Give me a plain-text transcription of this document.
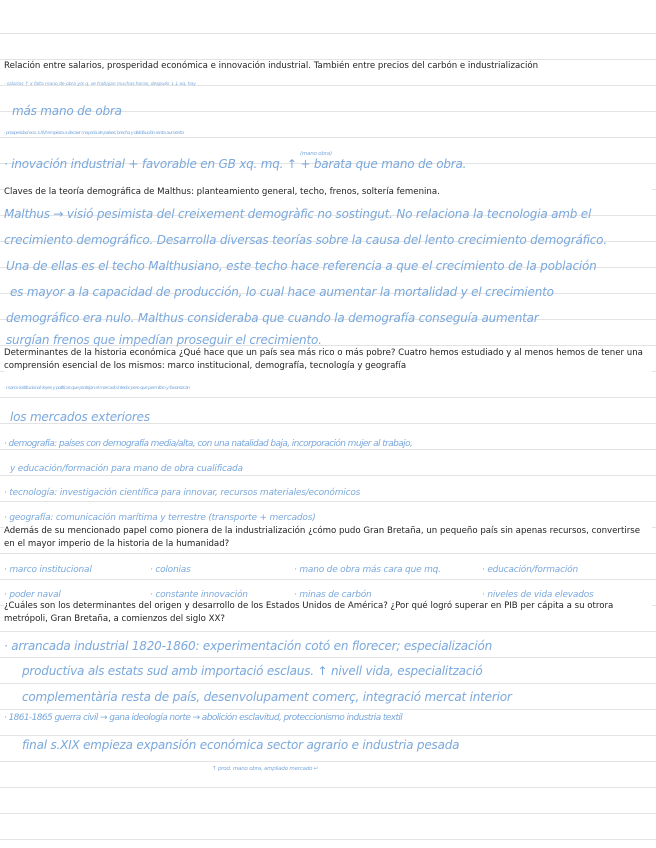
Relación entre salarios, prosperidad económica e innovación industrial. También entre precios del carbón e industrialización
· salarios ↑ x falta mano de obra y/x q. se trabajan muchas horas, después ↓↓ xq. hay
más mano de obra
· prosperidad eco. s.XVI empieza a decaer mayoría de países; brecha y distribución renta aumenta
· inovación industrial + favorable en GB xq. mq. ↑ + barata que mano de obra.
(mano obra)
Claves de la teoría demográfica de Malthus: planteamiento general, techo, frenos, soltería femenina.
Malthus → visió pesimista del creixement demogràfic no sostingut. No relaciona la tecnologia amb el
crecimiento demográfico. Desarrolla diversas teorías sobre la causa del lento crecimiento demográfico.
Una de ellas es el techo Malthusiano, este techo hace referencia a que el crecimiento de la población
es mayor a la capacidad de producción, lo cual hace aumentar la mortalidad y el crecimiento
demográfico era nulo. Malthus consideraba que cuando la demografía conseguía aumentar
surgían frenos que impedían proseguir el crecimiento.
Determinantes de la historia económica ¿Qué hace que un país sea más rico o más pobre? Cuatro hemos estudiado y al menos hemos de tener una comprensión esencial de los mismos: marco institucional, demografía, tecnología y geografía
· marco institucional: leyes y políticas que protejan el mercado interior pero que permitan y favorezcan
los mercados exteriores
· demografía: países con demografía media/alta, con una natalidad baja, incorporación mujer al trabajo,
y educación/formación para mano de obra cualificada
· tecnología: investigación científica para innovar, recursos materiales/económicos
· geografía: comunicación marítima y terrestre (transporte + mercados)
Además de su mencionado papel como pionera de la industrialización ¿cómo pudo Gran Bretaña, un pequeño país sin apenas recursos, convertirse en el mayor imperio de la historia de la humanidad?
· marco institucional	· colonias	· mano de obra más cara que mq.	· educación/formación
· poder naval	· constante innovación	· minas de carbón	· niveles de vida elevados
¿Cuáles son los determinantes del origen y desarrollo de los Estados Unidos de América? ¿Por qué logró superar en PIB per cápita a su otrora metrópoli, Gran Bretaña, a comienzos del siglo XX?
· arrancada industrial 1820-1860: experimentación cotó en florecer; especialización
productiva als estats sud amb importació esclaus. ↑ nivell vida, especialització
complementària resta de país, desenvolupament comerç, integració mercat interior
· 1861-1865 guerra civil → gana ideología norte → abolición esclavitud, proteccionismo industria textil
final s.XIX empieza expansión económica sector agrario e industria pesada
↑ prod. mano obra, ampliado mercado ↵
